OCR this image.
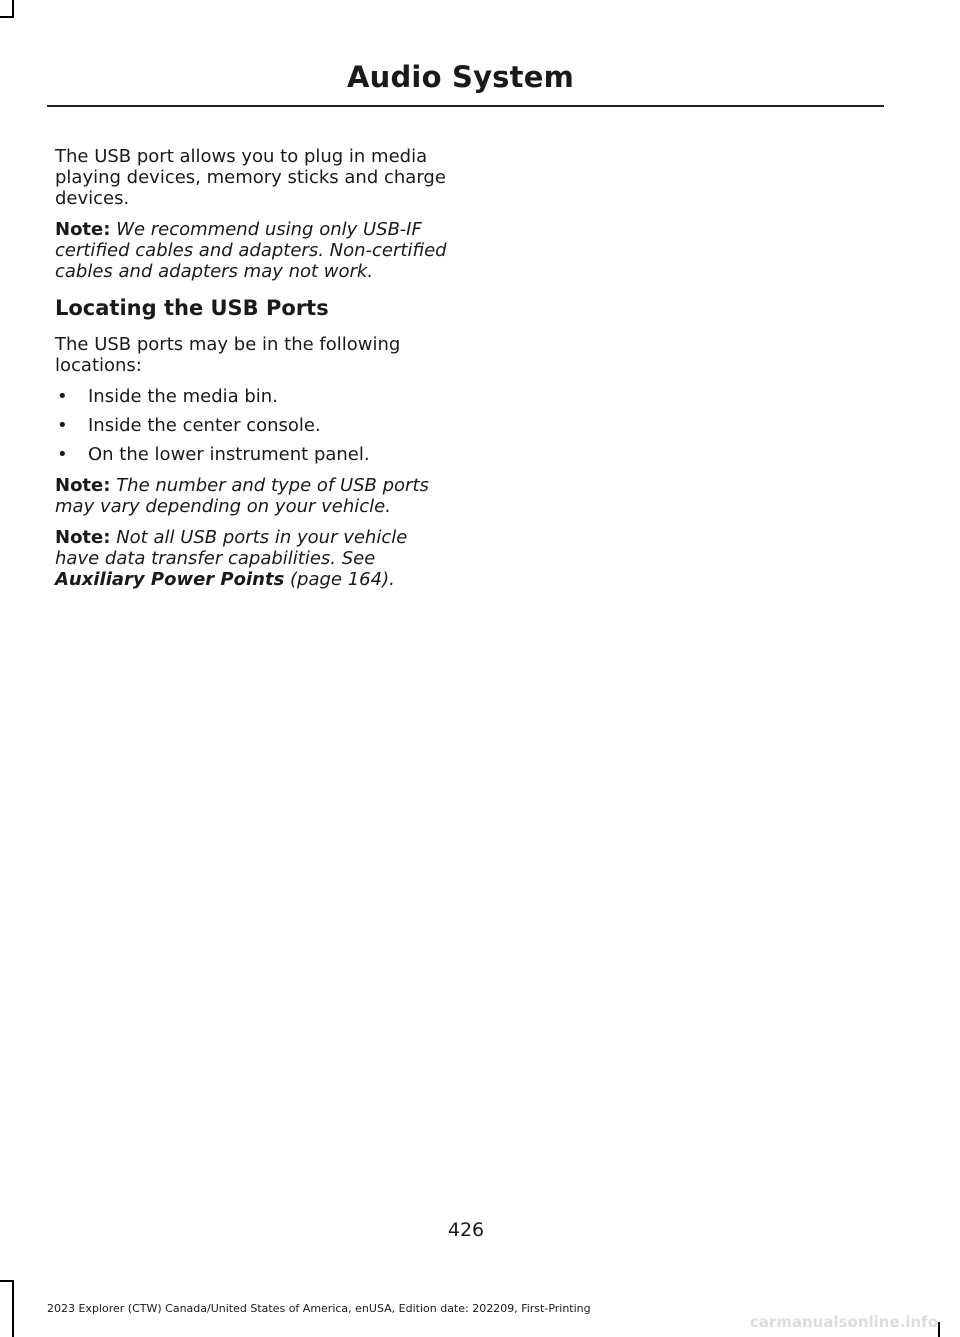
Audio System

The USB port allows you to plug in media playing devices, memory sticks and charge devices.

Note: We recommend using only USB-IF certified cables and adapters. Non-certified cables and adapters may not work.

Locating the USB Ports

The USB ports may be in the following locations:

• Inside the media bin.
• Inside the center console.
• On the lower instrument panel.

Note: The number and type of USB ports may vary depending on your vehicle.

Note: Not all USB ports in your vehicle have data transfer capabilities. See Auxiliary Power Points (page 164).

426
2023 Explorer (CTW) Canada/United States of America, enUSA, Edition date: 202209, First-Printing
carmanualsonline.info
